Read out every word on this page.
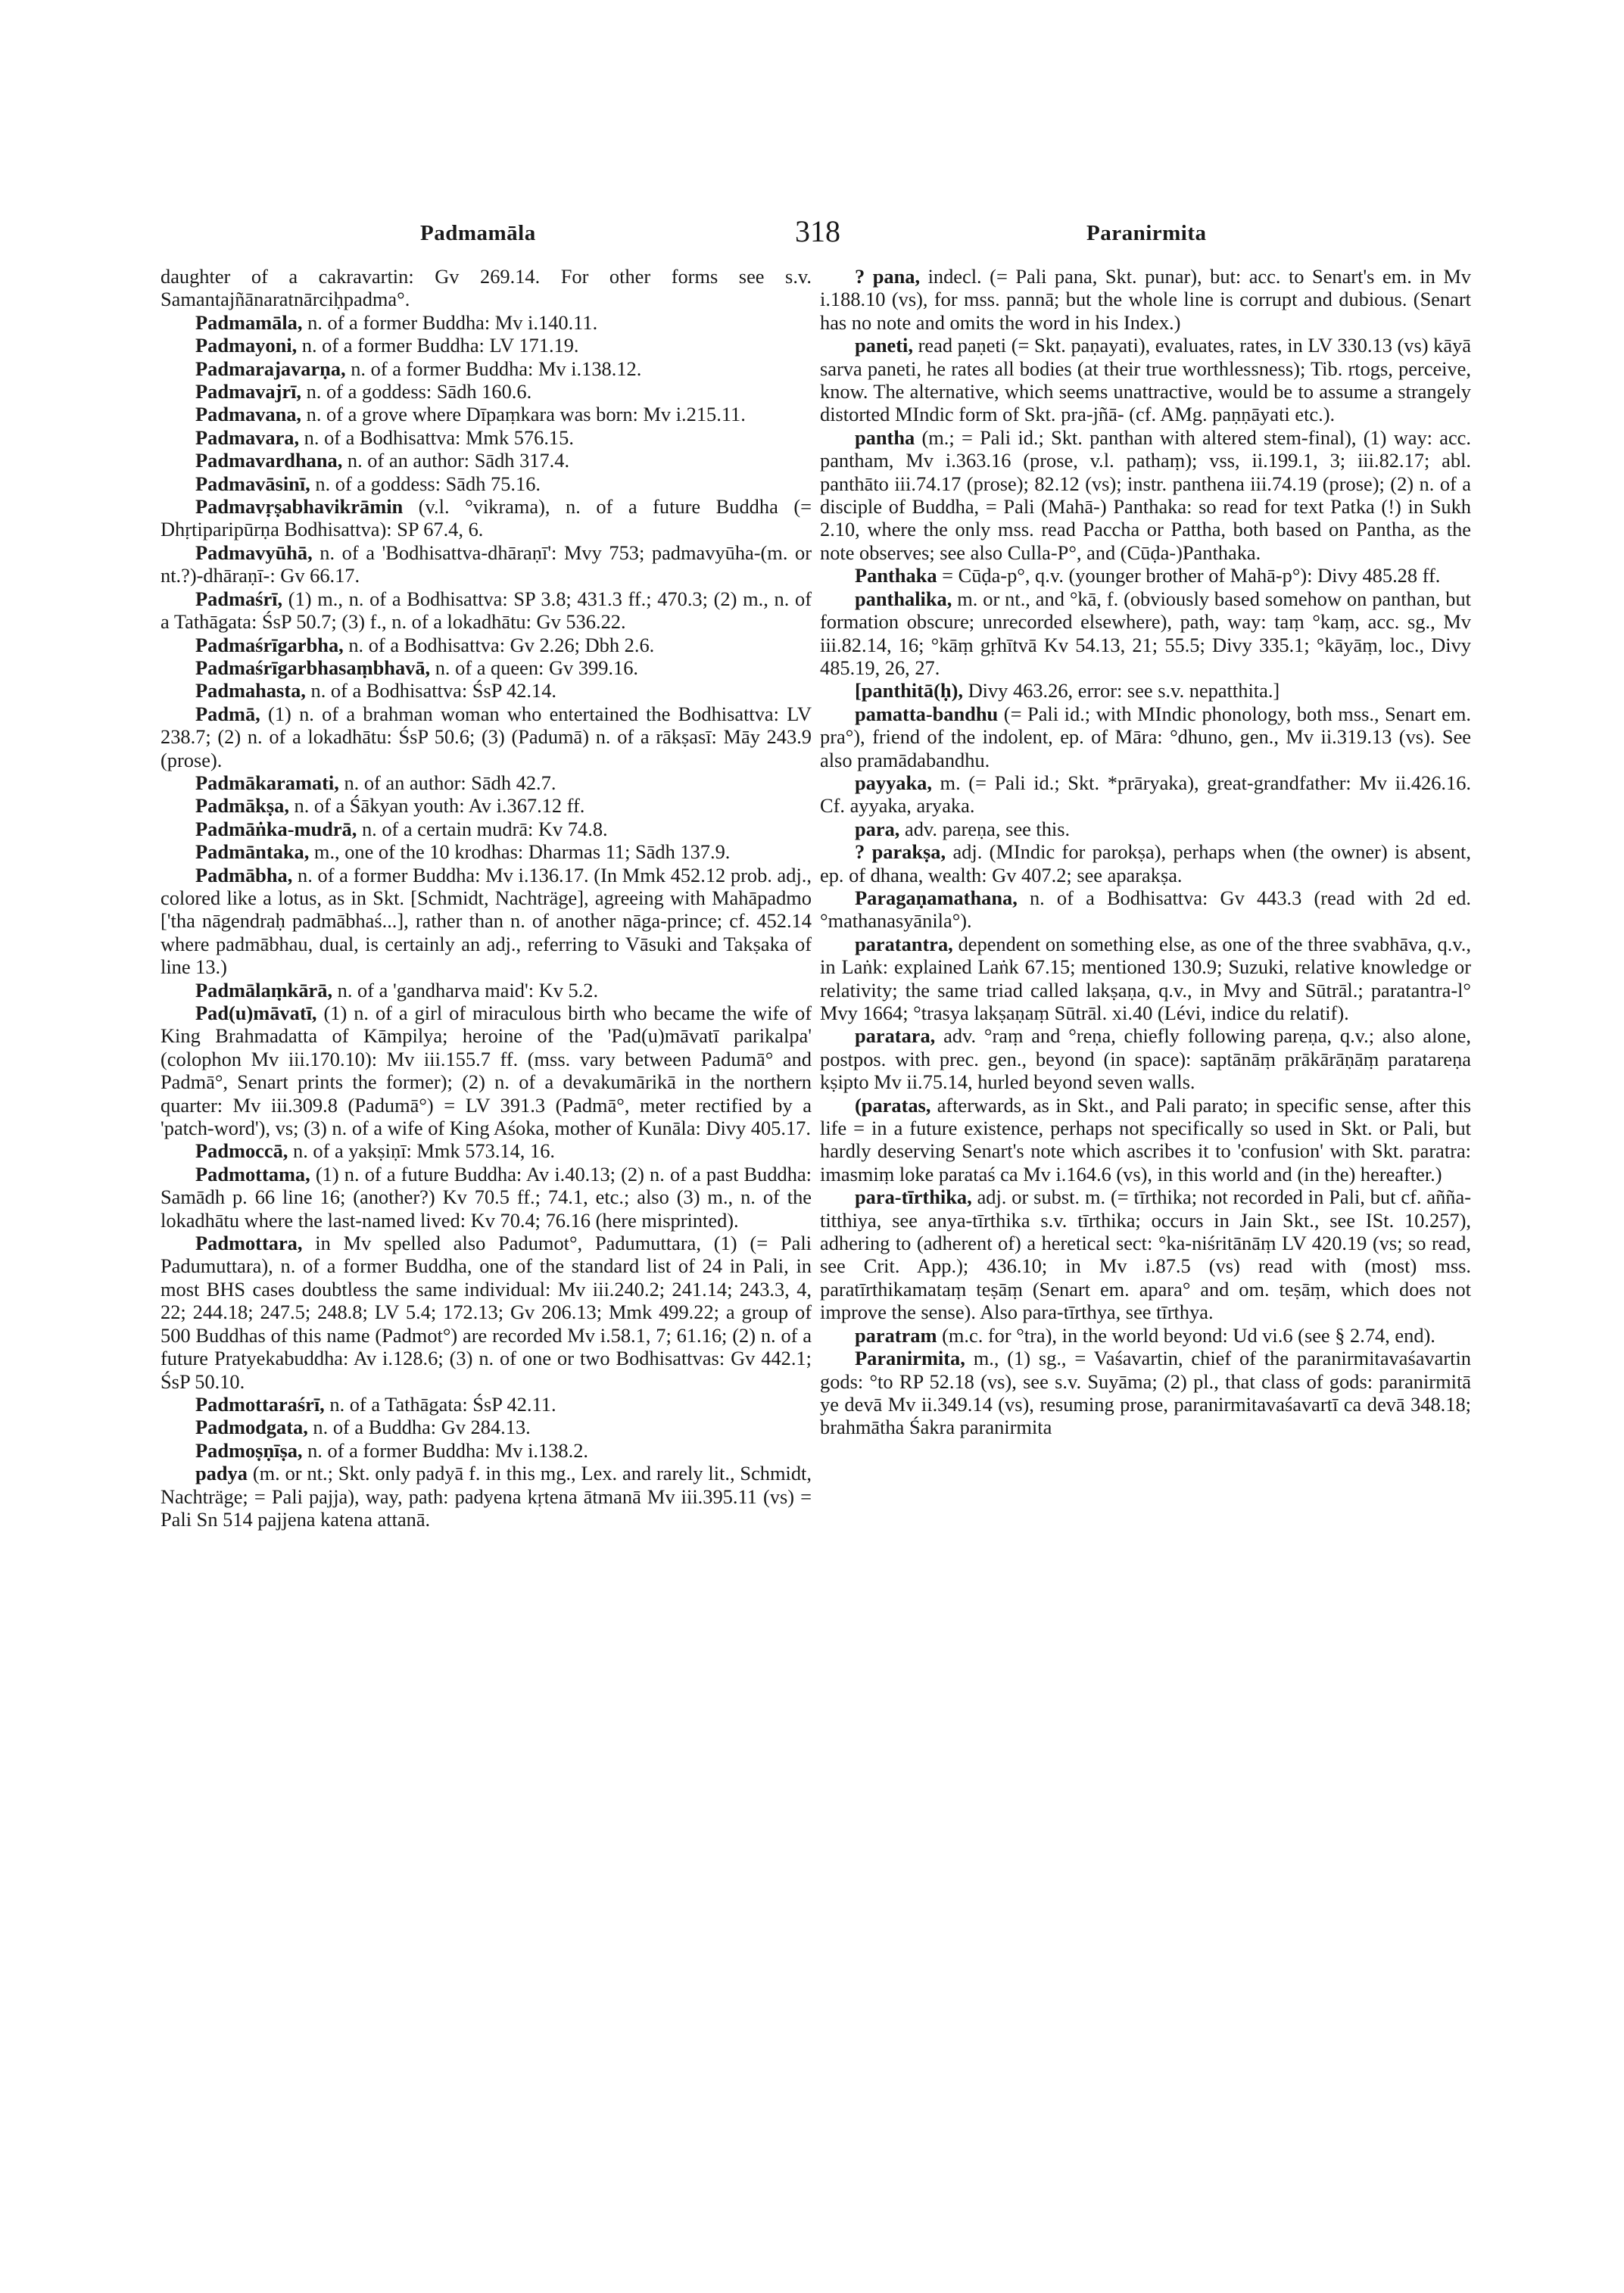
Padmamāla	318	Paranirmita

daughter of a cakravartin: Gv 269.14. For other forms see s.v. Samantajñānaratnārciḥpadma°.

Padmamāla, n. of a former Buddha: Mv i.140.11.

Padmayoni, n. of a former Buddha: LV 171.19.

Padmarajavarṇa, n. of a former Buddha: Mv i.138.12.

Padmavajrī, n. of a goddess: Sādh 160.6.

Padmavana, n. of a grove where Dīpaṃkara was born: Mv i.215.11.

Padmavara, n. of a Bodhisattva: Mmk 576.15.

Padmavardhana, n. of an author: Sādh 317.4.

Padmavāsinī, n. of a goddess: Sādh 75.16.

Padmavṛṣabhavikrāmin (v.l. °vikrama), n. of a future Buddha (= Dhṛtiparipūrṇa Bodhisattva): SP 67.4, 6.

Padmavyūhā, n. of a 'Bodhisattva-dhāraṇī': Mvy 753; padmavyūha-(m. or nt.?)-dhāraṇī-: Gv 66.17.

Padmaśrī, (1) m., n. of a Bodhisattva: SP 3.8; 431.3 ff.; 470.3; (2) m., n. of a Tathāgata: ŚsP 50.7; (3) f., n. of a lokadhātu: Gv 536.22.

Padmaśrīgarbha, n. of a Bodhisattva: Gv 2.26; Dbh 2.6.

Padmaśrīgarbhasaṃbhavā, n. of a queen: Gv 399.16.

Padmahasta, n. of a Bodhisattva: ŚsP 42.14.

Padmā, (1) n. of a brahman woman who entertained the Bodhisattva: LV 238.7; (2) n. of a lokadhātu: ŚsP 50.6; (3) (Padumā) n. of a rākṣasī: Māy 243.9 (prose).

Padmākaramati, n. of an author: Sādh 42.7.

Padmākṣa, n. of a Śākyan youth: Av i.367.12 ff.

Padmāṅka-mudrā, n. of a certain mudrā: Kv 74.8.

Padmāntaka, m., one of the 10 krodhas: Dharmas 11; Sādh 137.9.

Padmābha, n. of a former Buddha: Mv i.136.17. (In Mmk 452.12 prob. adj., colored like a lotus, as in Skt. [Schmidt, Nachträge], agreeing with Mahāpadmo ['tha nāgendraḥ padmābhaś...], rather than n. of another nāga-prince; cf. 452.14 where padmābhau, dual, is certainly an adj., referring to Vāsuki and Takṣaka of line 13.)

Padmālaṃkārā, n. of a 'gandharva maid': Kv 5.2.

Pad(u)māvatī, (1) n. of a girl of miraculous birth who became the wife of King Brahmadatta of Kāmpilya; heroine of the 'Pad(u)māvatī parikalpa' (colophon Mv iii.170.10): Mv iii.155.7 ff. (mss. vary between Padumā° and Padmā°, Senart prints the former); (2) n. of a devakumārikā in the northern quarter: Mv iii.309.8 (Padumā°) = LV 391.3 (Padmā°, meter rectified by a 'patch-word'), vs; (3) n. of a wife of King Aśoka, mother of Kunāla: Divy 405.17.

Padmoccā, n. of a yakṣiṇī: Mmk 573.14, 16.

Padmottama, (1) n. of a future Buddha: Av i.40.13; (2) n. of a past Buddha: Samādh p. 66 line 16; (another?) Kv 70.5 ff.; 74.1, etc.; also (3) m., n. of the lokadhātu where the last-named lived: Kv 70.4; 76.16 (here misprinted).

Padmottara, in Mv spelled also Padumot°, Padumuttara, (1) (= Pali Padumuttara), n. of a former Buddha, one of the standard list of 24 in Pali, in most BHS cases doubtless the same individual: Mv iii.240.2; 241.14; 243.3, 4, 22; 244.18; 247.5; 248.8; LV 5.4; 172.13; Gv 206.13; Mmk 499.22; a group of 500 Buddhas of this name (Padmot°) are recorded Mv i.58.1, 7; 61.16; (2) n. of a future Pratyekabuddha: Av i.128.6; (3) n. of one or two Bodhisattvas: Gv 442.1; ŚsP 50.10.

Padmottaraśrī, n. of a Tathāgata: ŚsP 42.11.

Padmodgata, n. of a Buddha: Gv 284.13.

Padmoṣṇīṣa, n. of a former Buddha: Mv i.138.2.

padya (m. or nt.; Skt. only padyā f. in this mg., Lex. and rarely lit., Schmidt, Nachträge; = Pali pajja), way, path: padyena kṛtena ātmanā Mv iii.395.11 (vs) = Pali Sn 514 pajjena katena attanā.

? pana, indecl. (= Pali pana, Skt. punar), but: acc. to Senart's em. in Mv i.188.10 (vs), for mss. pannā; but the whole line is corrupt and dubious. (Senart has no note and omits the word in his Index.)

paneti, read paṇeti (= Skt. paṇayati), evaluates, rates, in LV 330.13 (vs) kāyā sarva paneti, he rates all bodies (at their true worthlessness); Tib. rtogs, perceive, know. The alternative, which seems unattractive, would be to assume a strangely distorted MIndic form of Skt. pra-jñā- (cf. AMg. paṇṇāyati etc.).

pantha (m.; = Pali id.; Skt. panthan with altered stem-final), (1) way: acc. pantham, Mv i.363.16 (prose, v.l. pathaṃ); vss, ii.199.1, 3; iii.82.17; abl. panthāto iii.74.17 (prose); 82.12 (vs); instr. panthena iii.74.19 (prose); (2) n. of a disciple of Buddha, = Pali (Mahā-) Panthaka: so read for text Patka (!) in Sukh 2.10, where the only mss. read Paccha or Pattha, both based on Pantha, as the note observes; see also Culla-P°, and (Cūḍa-)Panthaka.

Panthaka = Cūḍa-p°, q.v. (younger brother of Mahā-p°): Divy 485.28 ff.

panthalika, m. or nt., and °kā, f. (obviously based somehow on panthan, but formation obscure; unrecorded elsewhere), path, way: taṃ °kaṃ, acc. sg., Mv iii.82.14, 16; °kāṃ gṛhītvā Kv 54.13, 21; 55.5; Divy 335.1; °kāyāṃ, loc., Divy 485.19, 26, 27.

[panthitā(ḥ), Divy 463.26, error: see s.v. nepatthita.]

pamatta-bandhu (= Pali id.; with MIndic phonology, both mss., Senart em. pra°), friend of the indolent, ep. of Māra: °dhuno, gen., Mv ii.319.13 (vs). See also pramādabandhu.

payyaka, m. (= Pali id.; Skt. *prāryaka), great-grandfather: Mv ii.426.16. Cf. ayyaka, aryaka.

para, adv. pareṇa, see this.

? parakṣa, adj. (MIndic for parokṣa), perhaps when (the owner) is absent, ep. of dhana, wealth: Gv 407.2; see aparakṣa.

Paragaṇamathana, n. of a Bodhisattva: Gv 443.3 (read with 2d ed. °mathanasyānila°).

paratantra, dependent on something else, as one of the three svabhāva, q.v., in Laṅk: explained Laṅk 67.15; mentioned 130.9; Suzuki, relative knowledge or relativity; the same triad called lakṣaṇa, q.v., in Mvy and Sūtrāl.; paratantra-l° Mvy 1664; °trasya lakṣaṇaṃ Sūtrāl. xi.40 (Lévi, indice du relatif).

paratara, adv. °raṃ and °reṇa, chiefly following pareṇa, q.v.; also alone, postpos. with prec. gen., beyond (in space): saptānāṃ prākārāṇāṃ paratareṇa kṣipto Mv ii.75.14, hurled beyond seven walls.

(paratas, afterwards, as in Skt., and Pali parato; in specific sense, after this life = in a future existence, perhaps not specifically so used in Skt. or Pali, but hardly deserving Senart's note which ascribes it to 'confusion' with Skt. paratra: imasmiṃ loke parataś ca Mv i.164.6 (vs), in this world and (in the) hereafter.)

para-tīrthika, adj. or subst. m. (= tīrthika; not recorded in Pali, but cf. añña-titthiya, see anya-tīrthika s.v. tīrthika; occurs in Jain Skt., see ISt. 10.257), adhering to (adherent of) a heretical sect: °ka-niśritānāṃ LV 420.19 (vs; so read, see Crit. App.); 436.10; in Mv i.87.5 (vs) read with (most) mss. paratīrthikamataṃ teṣāṃ (Senart em. apara° and om. teṣāṃ, which does not improve the sense). Also para-tīrthya, see tīrthya.

paratram (m.c. for °tra), in the world beyond: Ud vi.6 (see § 2.74, end).

Paranirmita, m., (1) sg., = Vaśavartin, chief of the paranirmitavaśavartin gods: °to RP 52.18 (vs), see s.v. Suyāma; (2) pl., that class of gods: paranirmitā ye devā Mv ii.349.14 (vs), resuming prose, paranirmitavaśavartī ca devā 348.18; brahmātha Śakra paranirmita
